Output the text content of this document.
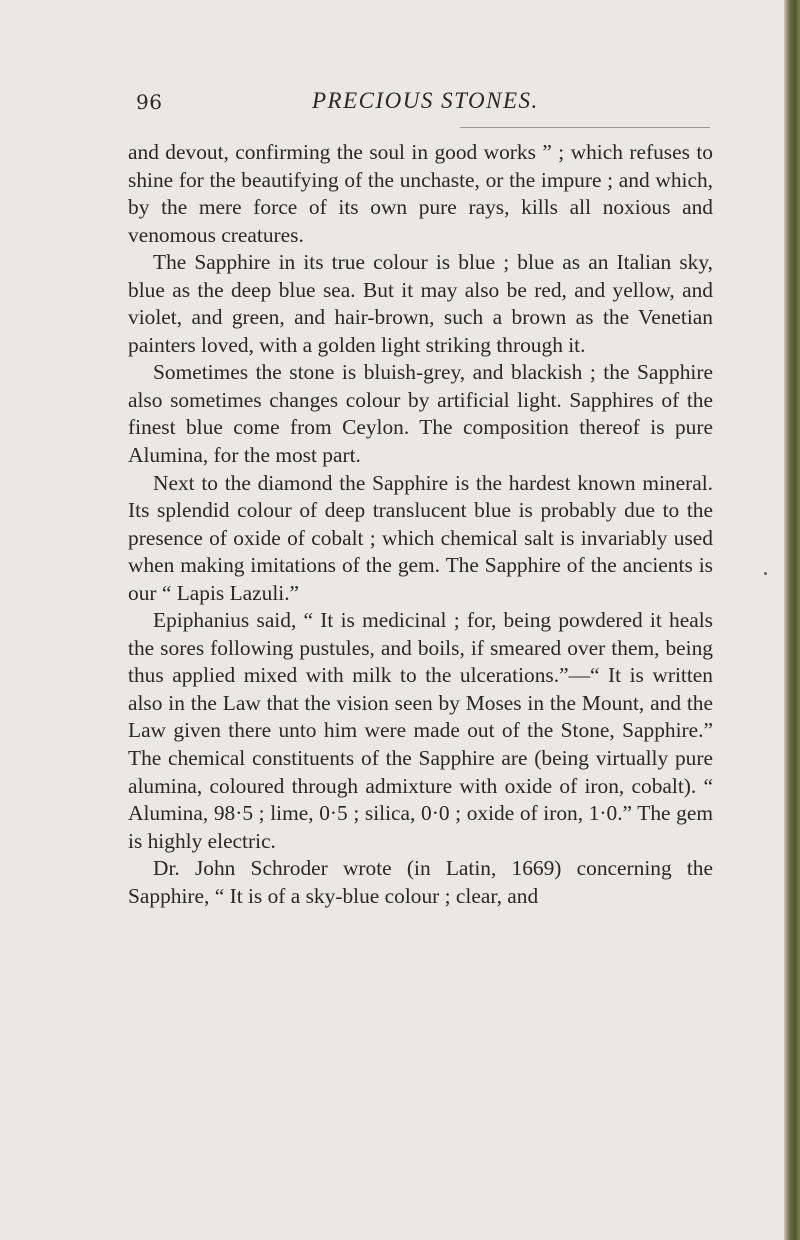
96	PRECIOUS STONES.

and devout, confirming the soul in good works ” ; which refuses to shine for the beautifying of the unchaste, or the impure ; and which, by the mere force of its own pure rays, kills all noxious and venomous creatures.

The Sapphire in its true colour is blue ; blue as an Italian sky, blue as the deep blue sea. But it may also be red, and yellow, and violet, and green, and hair-brown, such a brown as the Venetian painters loved, with a golden light striking through it.

Sometimes the stone is bluish-grey, and blackish ; the Sapphire also sometimes changes colour by artificial light. Sapphires of the finest blue come from Ceylon. The composition thereof is pure Alumina, for the most part.

Next to the diamond the Sapphire is the hardest known mineral. Its splendid colour of deep translucent blue is probably due to the presence of oxide of cobalt ; which chemical salt is invariably used when making imitations of the gem. The Sapphire of the ancients is our “ Lapis Lazuli.”

Epiphanius said, “ It is medicinal ; for, being powdered it heals the sores following pustules, and boils, if smeared over them, being thus applied mixed with milk to the ulcerations.”—“ It is written also in the Law that the vision seen by Moses in the Mount, and the Law given there unto him were made out of the Stone, Sapphire.” The chemical constituents of the Sapphire are (being virtually pure alumina, coloured through admixture with oxide of iron, cobalt). “ Alumina, 98·5 ; lime, 0·5 ; silica, 0·0 ; oxide of iron, 1·0.” The gem is highly electric.

Dr. John Schroder wrote (in Latin, 1669) concerning the Sapphire, “ It is of a sky-blue colour ; clear, and
